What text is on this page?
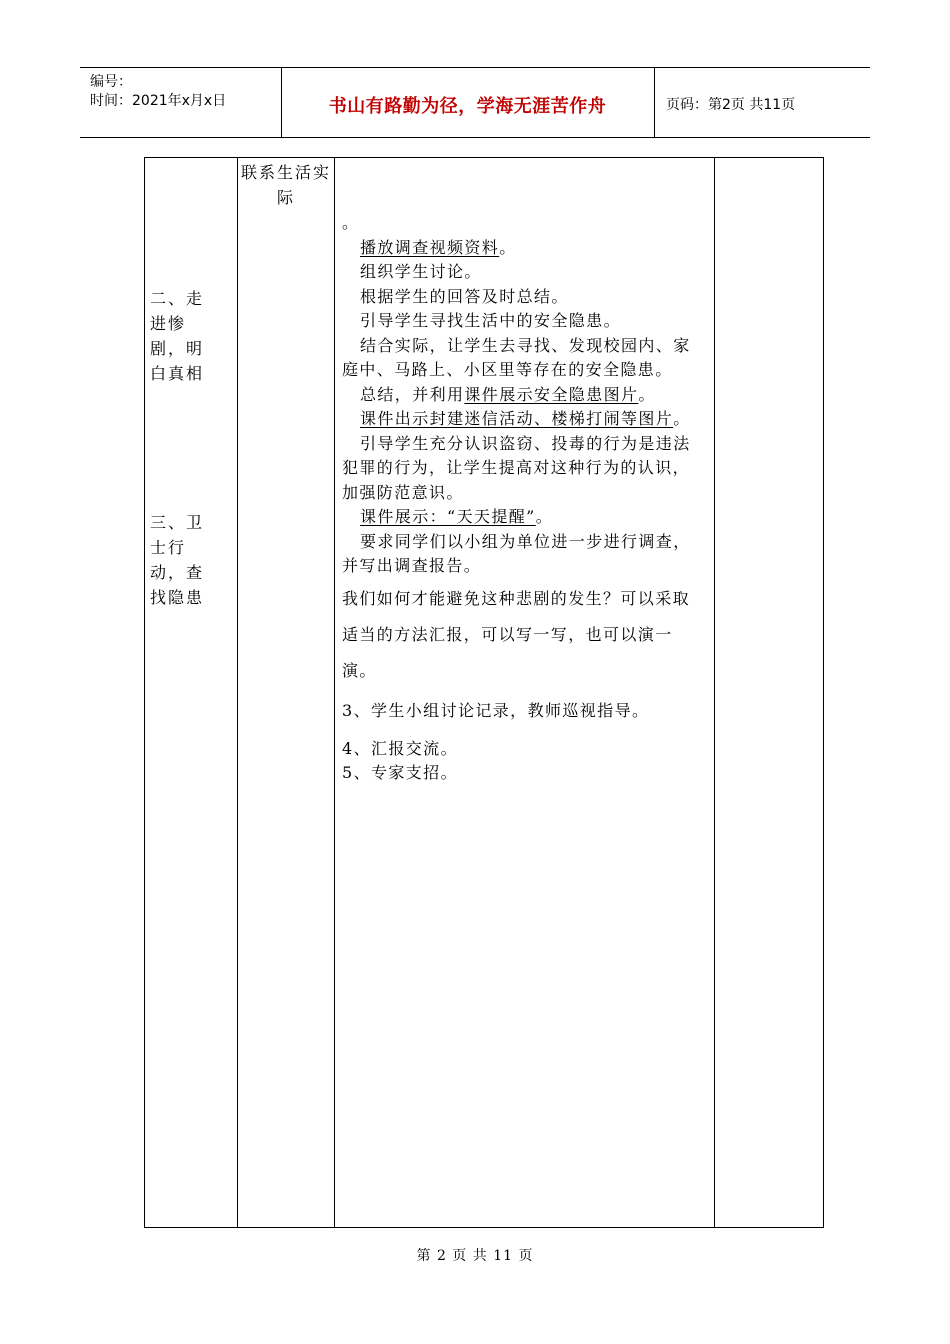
编号：
时间：2021年x月x日	书山有路勤为径，学海无涯苦作舟	页码：第2页 共11页
联系生活实际
二、走进惨剧，明白真相
三、卫士行动，查找隐患

。

播放调查视频资料。

组织学生讨论。

根据学生的回答及时总结。

引导学生寻找生活中的安全隐患。

结合实际，让学生去寻找、发现校园内、家庭中、马路上、小区里等存在的安全隐患。

总结，并利用课件展示安全隐患图片。

课件出示封建迷信活动、楼梯打闹等图片。

引导学生充分认识盗窃、投毒的行为是违法犯罪的行为，让学生提高对这种行为的认识，加强防范意识。

课件展示：“天天提醒”。

要求同学们以小组为单位进一步进行调查，并写出调查报告。

我们如何才能避免这种悲剧的发生？可以采取适当的方法汇报，可以写一写，也可以演一演。

3、学生小组讨论记录，教师巡视指导。

4、汇报交流。

5、专家支招。

第 2 页 共 11 页
